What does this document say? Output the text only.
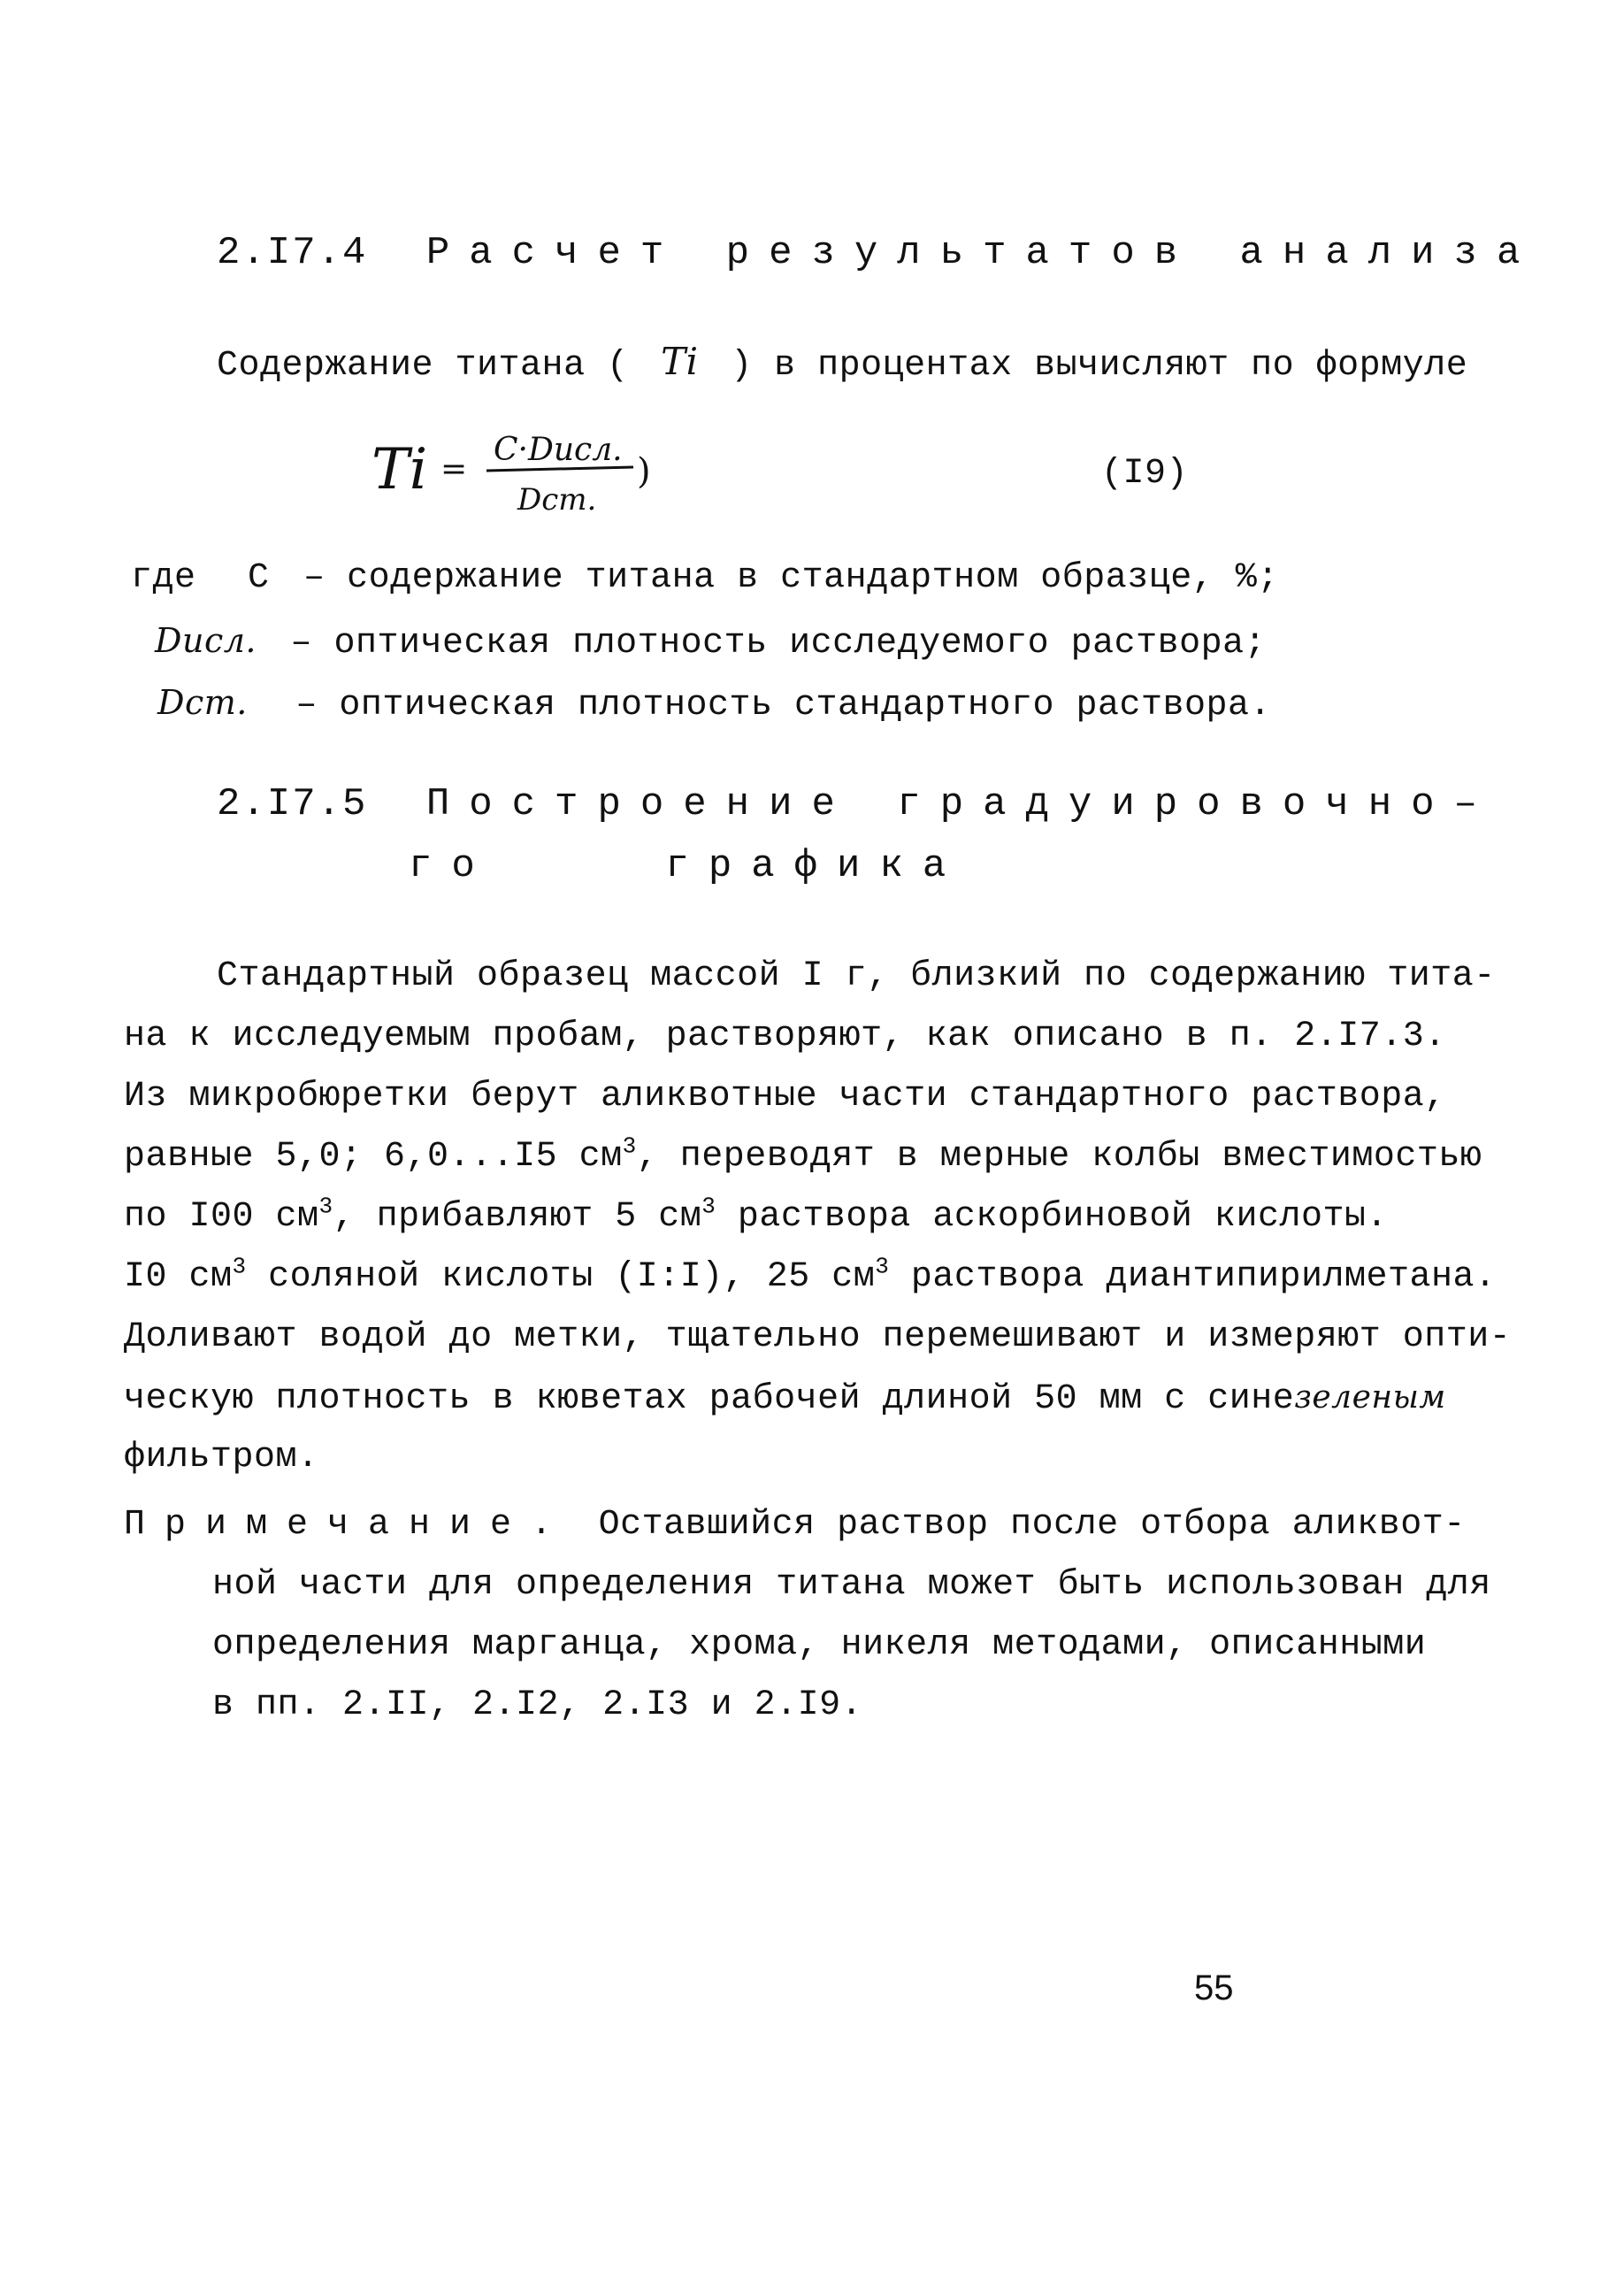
2.I7.4 Расчет результатов анализа
Содержание титана ( Ti ) в процентах вычисляют по формуле
Ti =
C·Dисл.
Dст.
)	(I9)
где C – содержание титана в стандартном образце, %;
Dисл. – оптическая плотность исследуемого раствора;
Dст. – оптическая плотность стандартного раствора.
2.I7.5 Построение градуировочно–
го    графика
Стандартный образец массой I г, близкий по содержанию тита-
на к исследуемым пробам, растворяют, как описано в п. 2.I7.3.
Из микробюретки берут аликвотные части стандартного раствора,
равные 5,0; 6,0...I5 $см^3$, переводят в мерные колбы вместимостью
по I00 $см^3$, прибавляют 5 $см^3$ раствора аскорбиновой кислоты.
I0 $см^3$ соляной кислоты (I:I), 25 $см^3$ раствора диантипирилметана.
Доливают водой до метки, тщательно перемешивают и измеряют опти-
ческую плотность в кюветах рабочей длиной 50 мм с синезеленым
фильтром.
Примечание. Оставшийся раствор после отбора аликвот-
ной части для определения титана может быть использован для
определения марганца, хрома, никеля методами, описанными
в пп. 2.II, 2.I2, 2.I3 и 2.I9.
55
